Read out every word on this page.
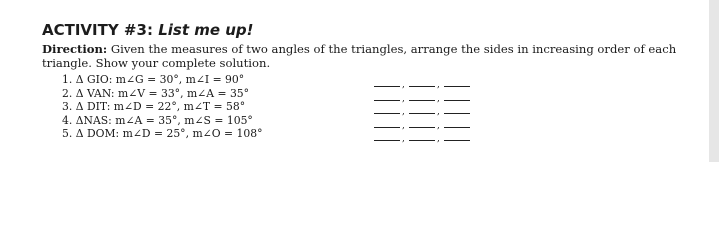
ACTIVITY #3: List me up!

Direction: Given the measures of two angles of the triangles, arrange the sides in increasing order of each triangle. Show your complete solution.

1. Δ GIO: m∠G = 30°, m∠I = 90°
2. Δ VAN: m∠V = 33°, m∠A = 35°
3. Δ DIT: m∠D = 22°, m∠T = 58°
4. ΔNAS: m∠A = 35°, m∠S = 105°
5. Δ DOM: m∠D = 25°, m∠O = 108°
,	,
,	,
,	,
,	,
,	,
